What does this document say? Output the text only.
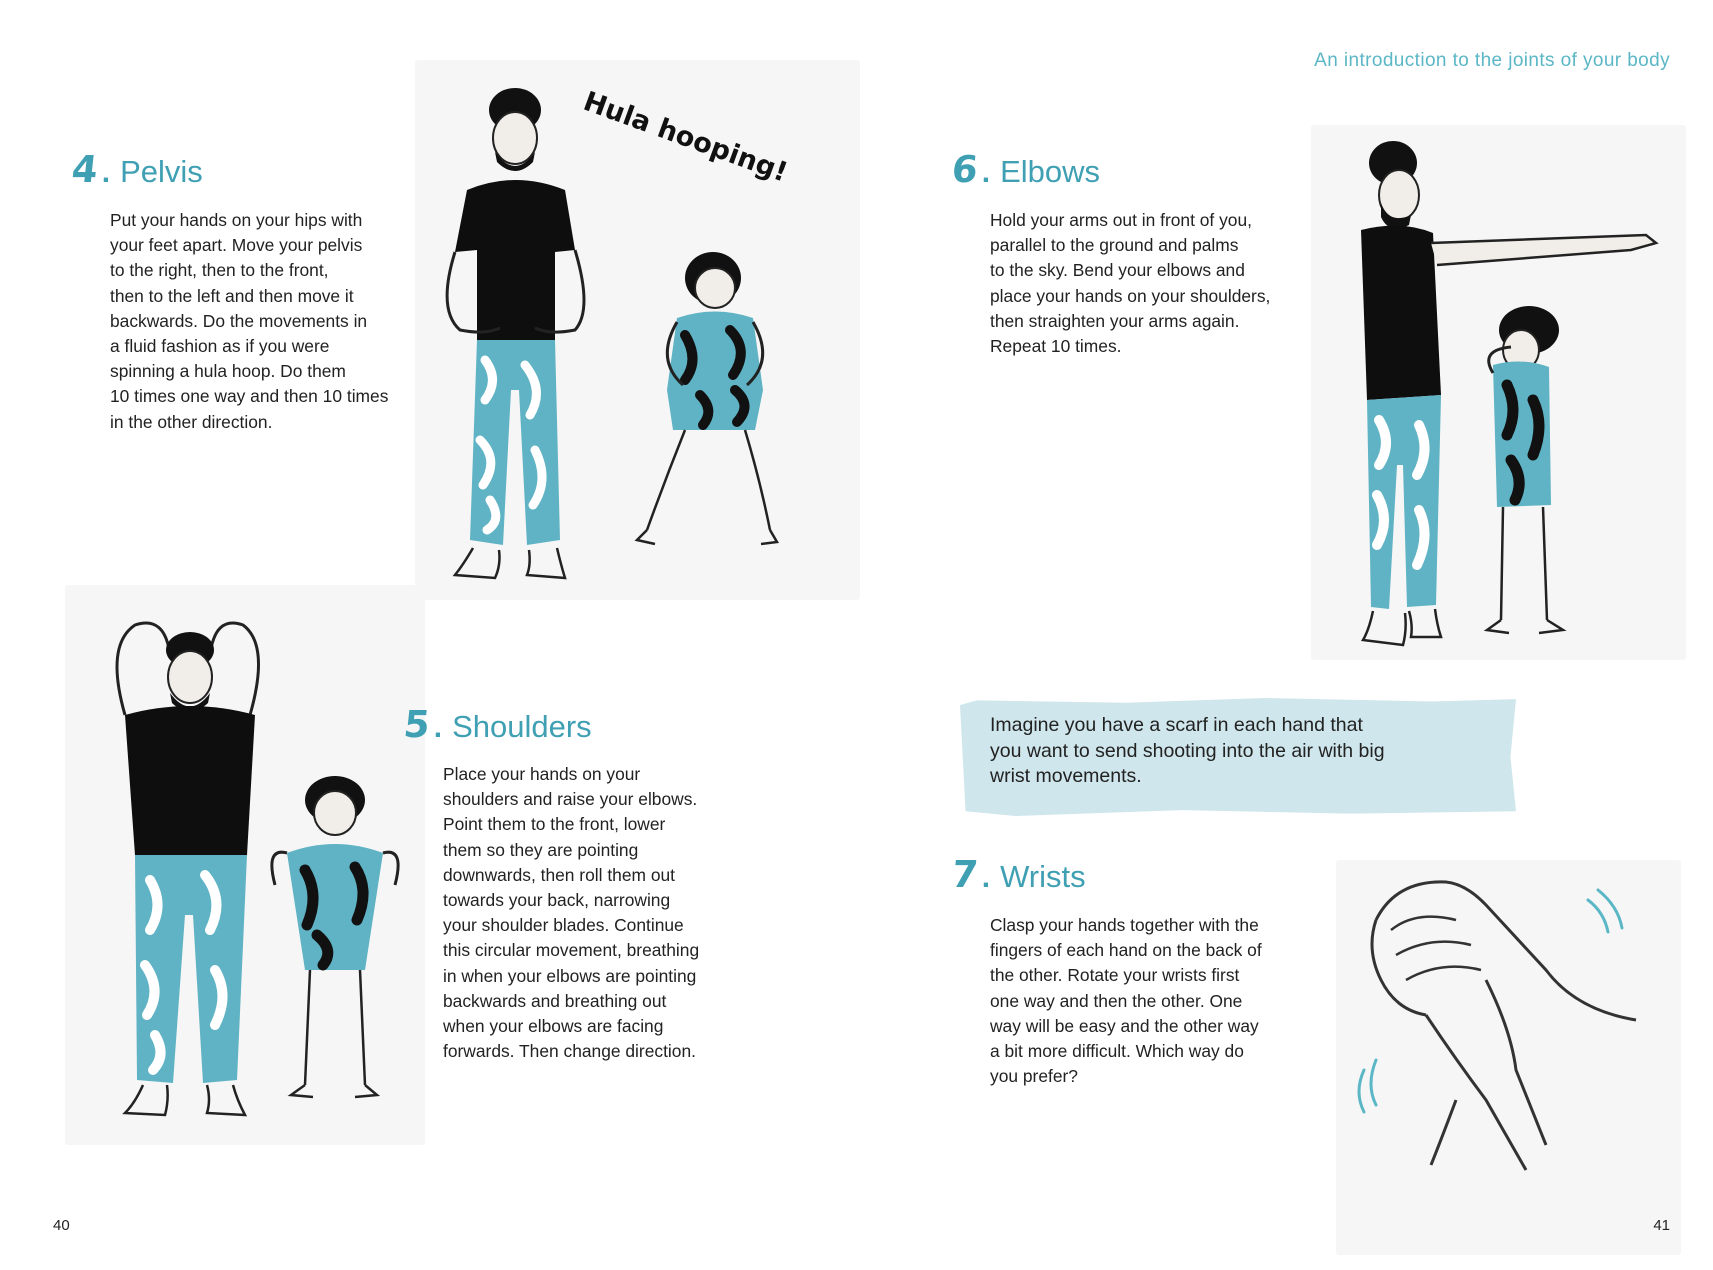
4 . Pelvis
Put your hands on your hips with
your feet apart. Move your pelvis
to the right, then to the front,
then to the left and then move it
backwards. Do the movements in
a fluid fashion as if you were
spinning a hula hoop. Do them
10 times one way and then 10 times
in the other direction.
Hula hooping!
5 . Shoulders
Place your hands on your
shoulders and raise your elbows.
Point them to the front, lower
them so they are pointing
downwards, then roll them out
towards your back, narrowing
your shoulder blades. Continue
this circular movement, breathing
in when your elbows are pointing
backwards and breathing out
when your elbows are facing
forwards. Then change direction.
40
An introduction to the joints of your body
6 . Elbows
Hold your arms out in front of you,
parallel to the ground and palms
to the sky. Bend your elbows and
place your hands on your shoulders,
then straighten your arms again.
Repeat 10 times.
Imagine you have a scarf in each hand that
you want to send shooting into the air with big
wrist movements.
7 . Wrists
Clasp your hands together with the
fingers of each hand on the back of
the other. Rotate your wrists first
one way and then the other. One
way will be easy and the other way
a bit more difficult. Which way do
you prefer?
41
